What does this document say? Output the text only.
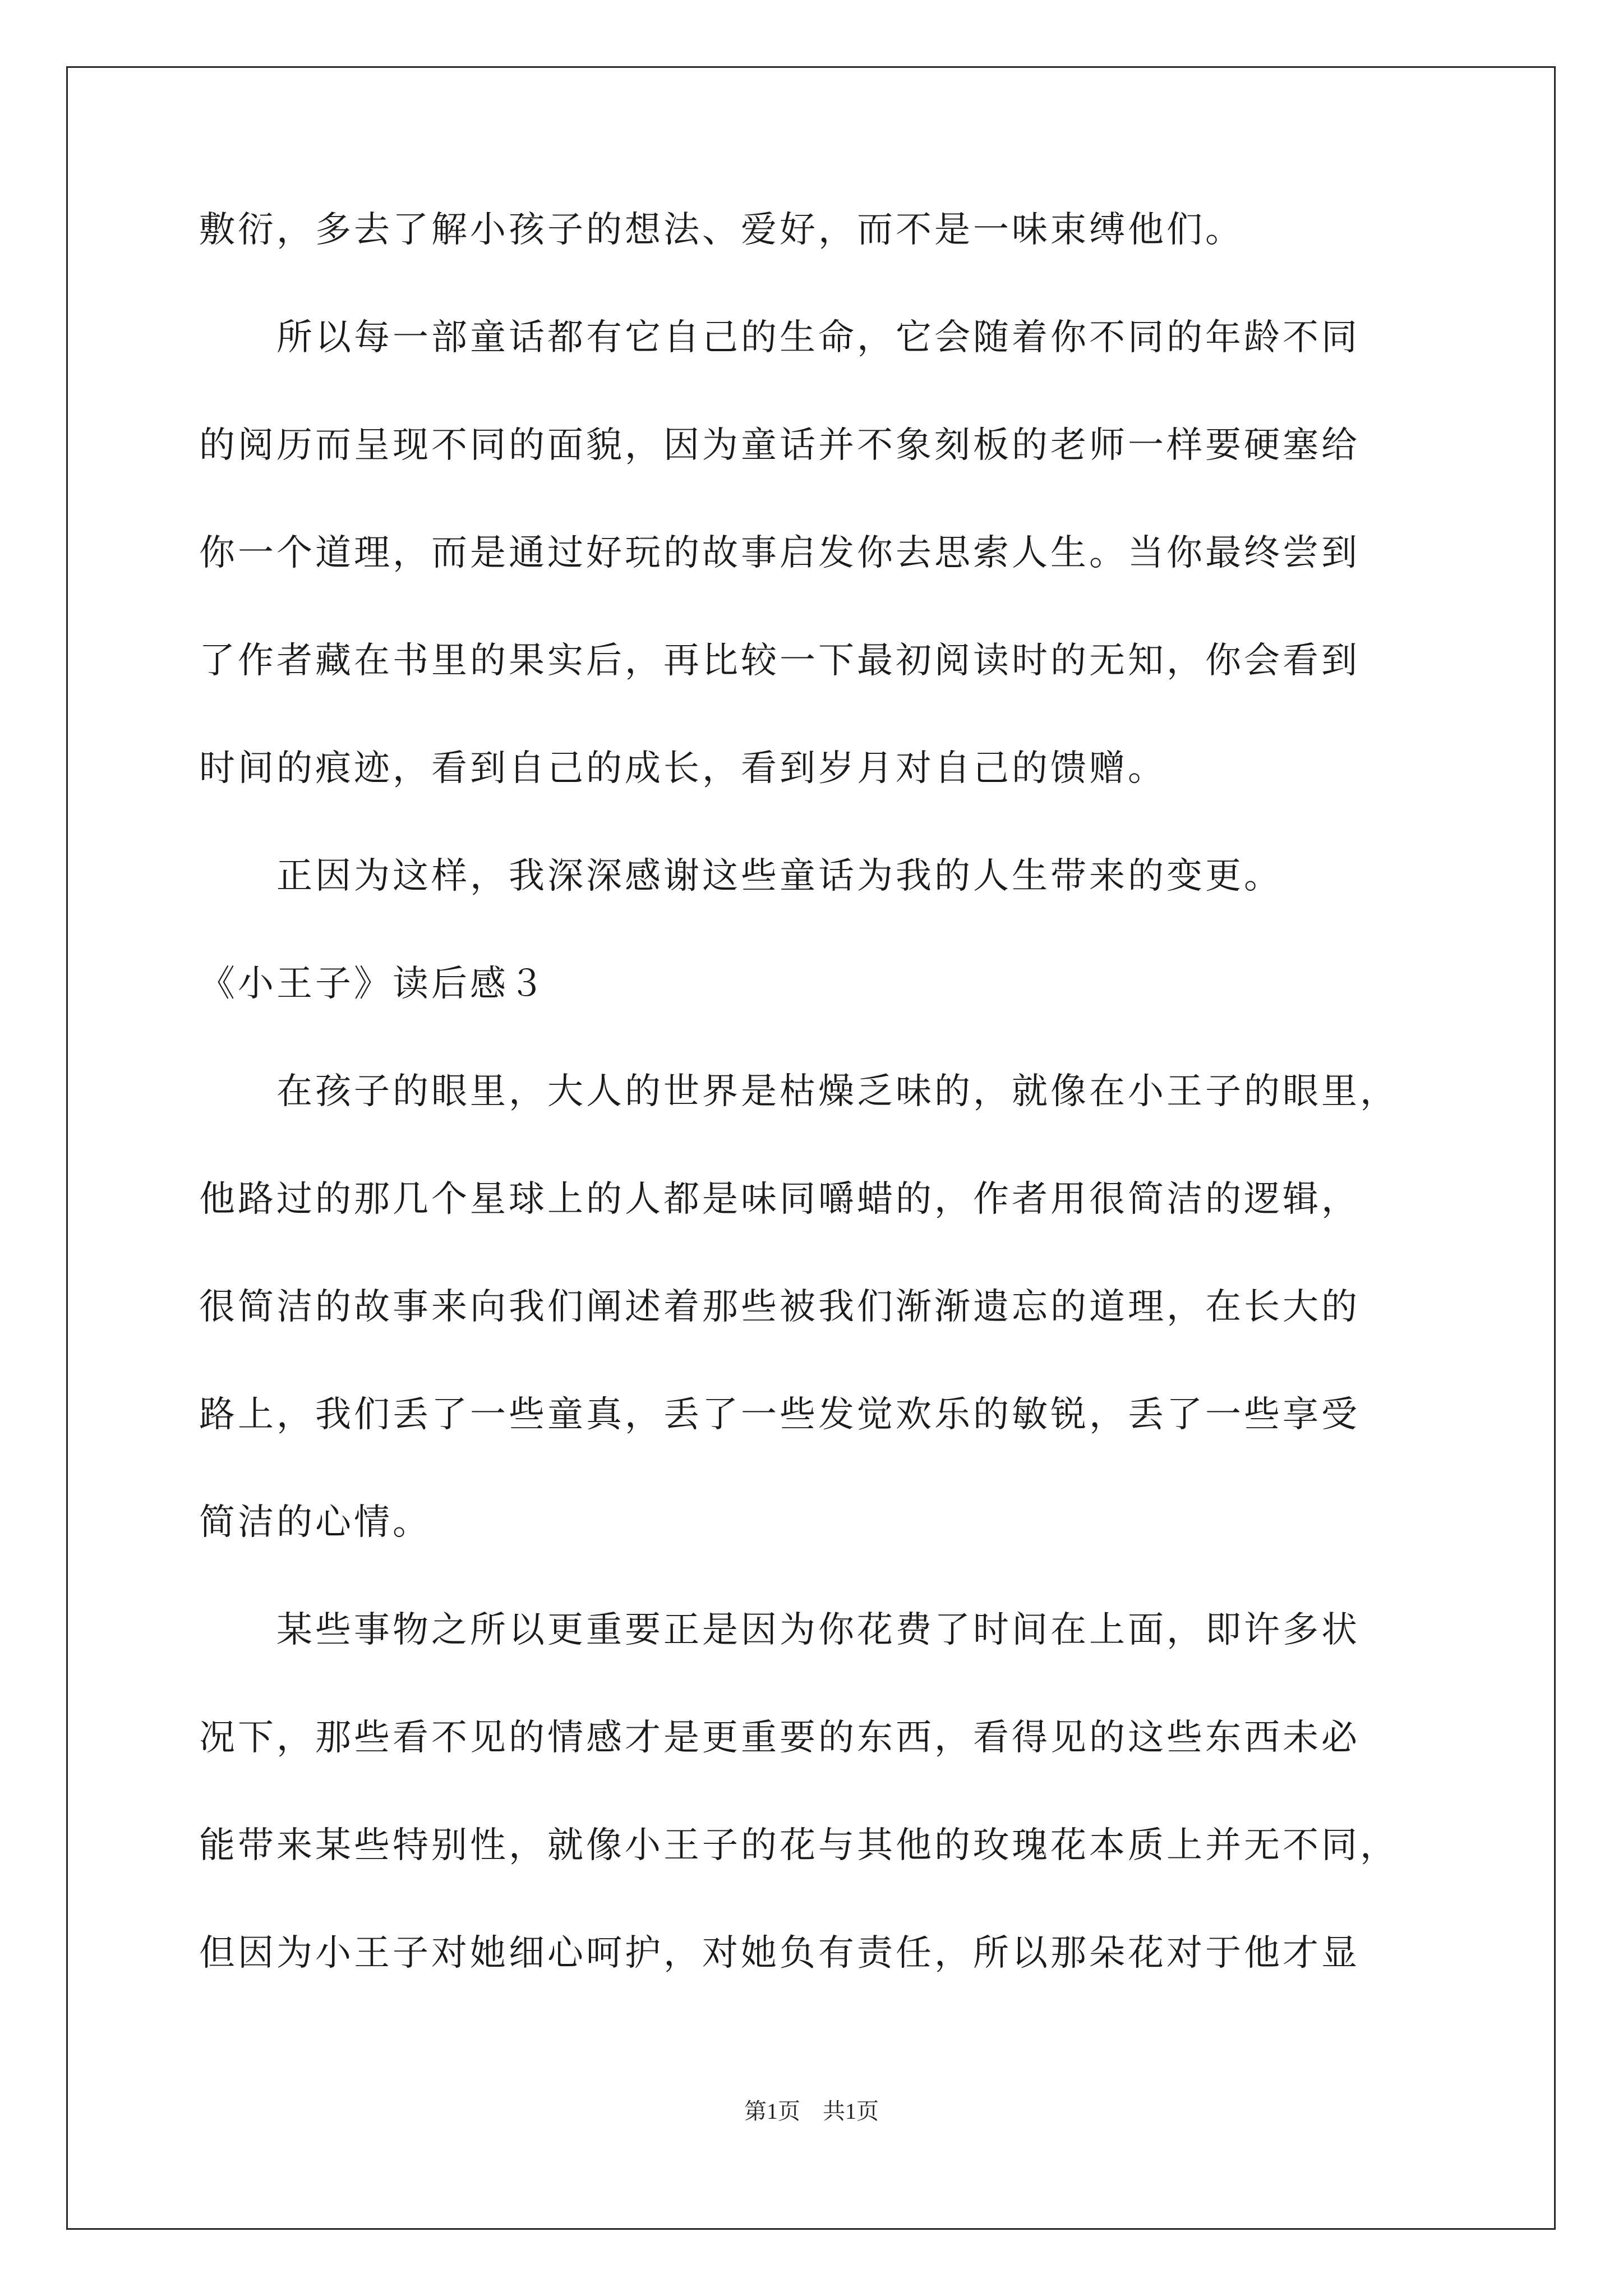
敷衍，多去了解小孩子的想法、爱好，而不是一味束缚他们。
　　所以每一部童话都有它自己的生命，它会随着你不同的年龄不同
的阅历而呈现不同的面貌，因为童话并不象刻板的老师一样要硬塞给
你一个道理，而是通过好玩的故事启发你去思索人生。当你最终尝到
了作者藏在书里的果实后，再比较一下最初阅读时的无知，你会看到
时间的痕迹，看到自己的成长，看到岁月对自己的馈赠。
　　正因为这样，我深深感谢这些童话为我的人生带来的变更。
《小王子》读后感３
　　在孩子的眼里，大人的世界是枯燥乏味的，就像在小王子的眼里，
他路过的那几个星球上的人都是味同嚼蜡的，作者用很简洁的逻辑，
很简洁的故事来向我们阐述着那些被我们渐渐遗忘的道理，在长大的
路上，我们丢了一些童真，丢了一些发觉欢乐的敏锐，丢了一些享受
简洁的心情。
　　某些事物之所以更重要正是因为你花费了时间在上面，即许多状
况下，那些看不见的情感才是更重要的东西，看得见的这些东西未必
能带来某些特别性，就像小王子的花与其他的玫瑰花本质上并无不同，
但因为小王子对她细心呵护，对她负有责任，所以那朵花对于他才显
第1页 共1页
